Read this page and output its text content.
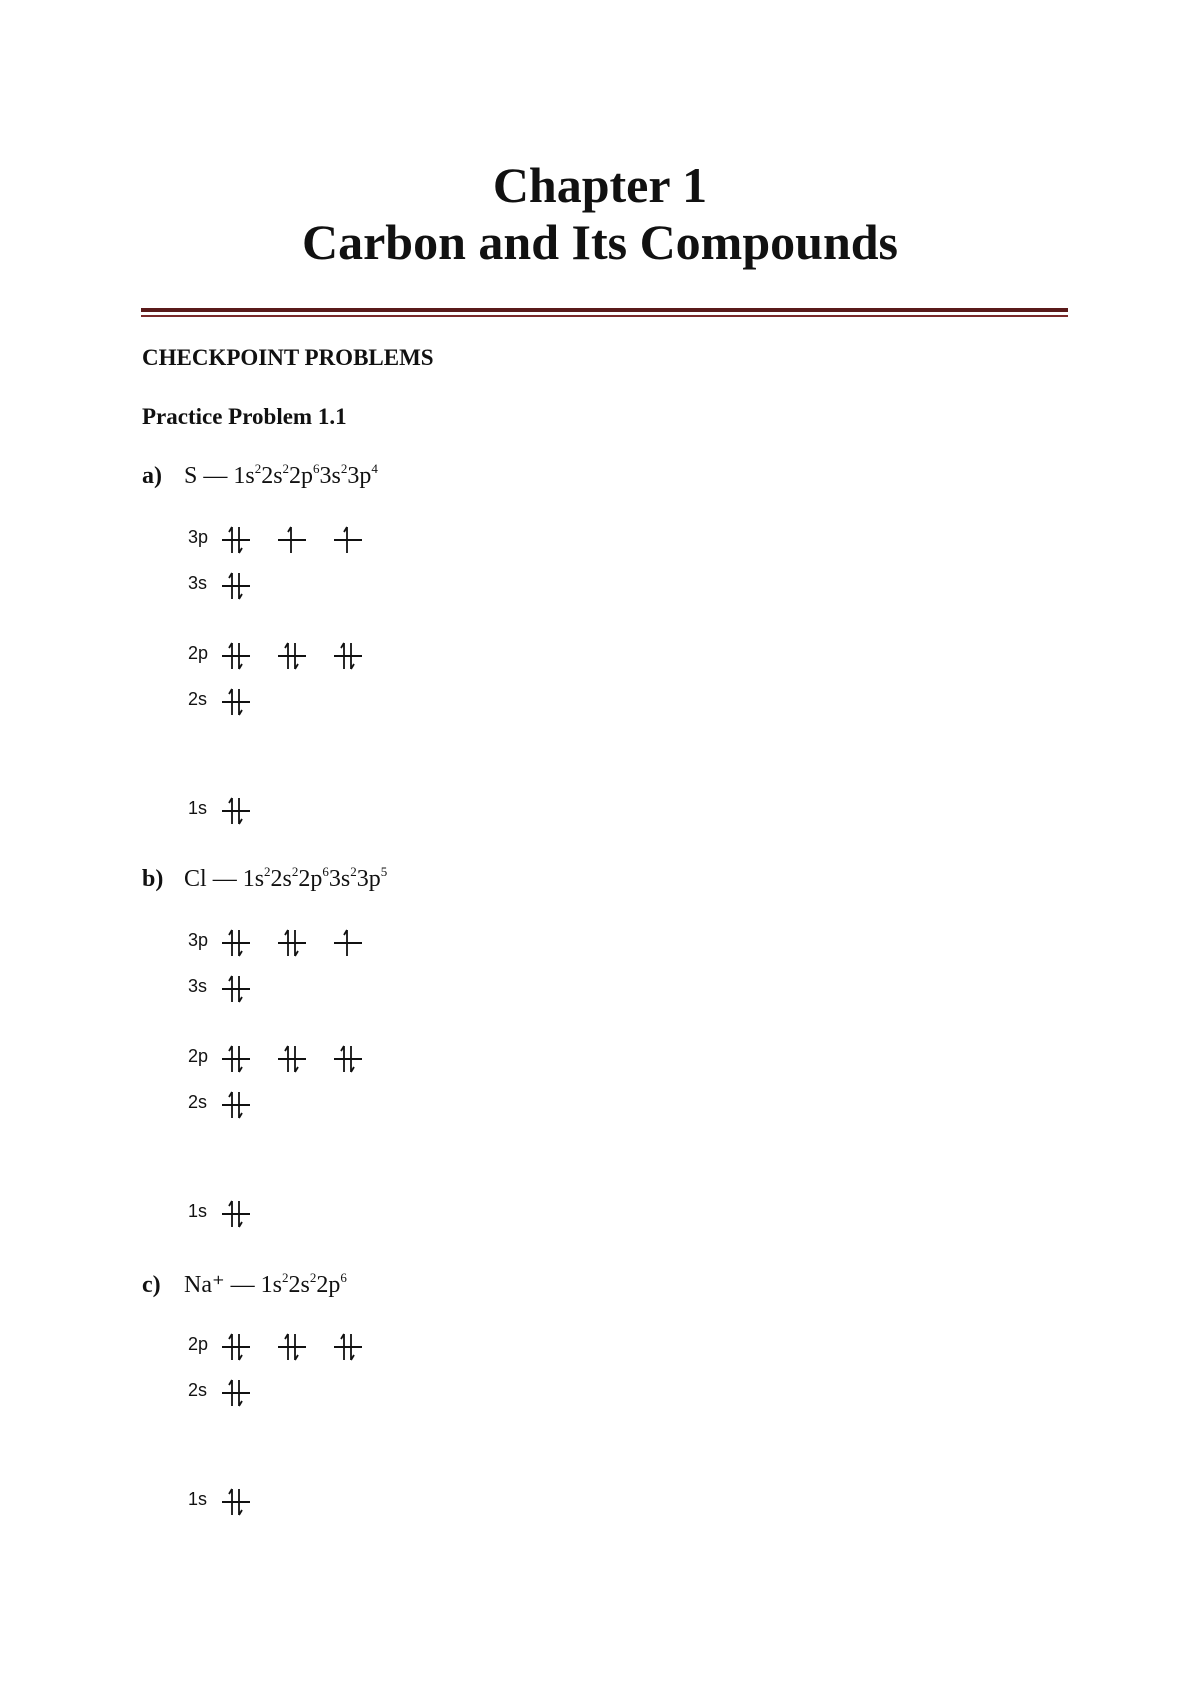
Chapter 1
Carbon and Its Compounds
CHECKPOINT PROBLEMS
Practice Problem 1.1
a) S — $1s^22s^22p^63s^23p^4$
3p
3s
2p
2s
1s
b) Cl — $1s^22s^22p^63s^23p^5$
3p
3s
2p
2s
1s
c) Na⁺ — $1s^22s^22p^6$
2p
2s
1s
